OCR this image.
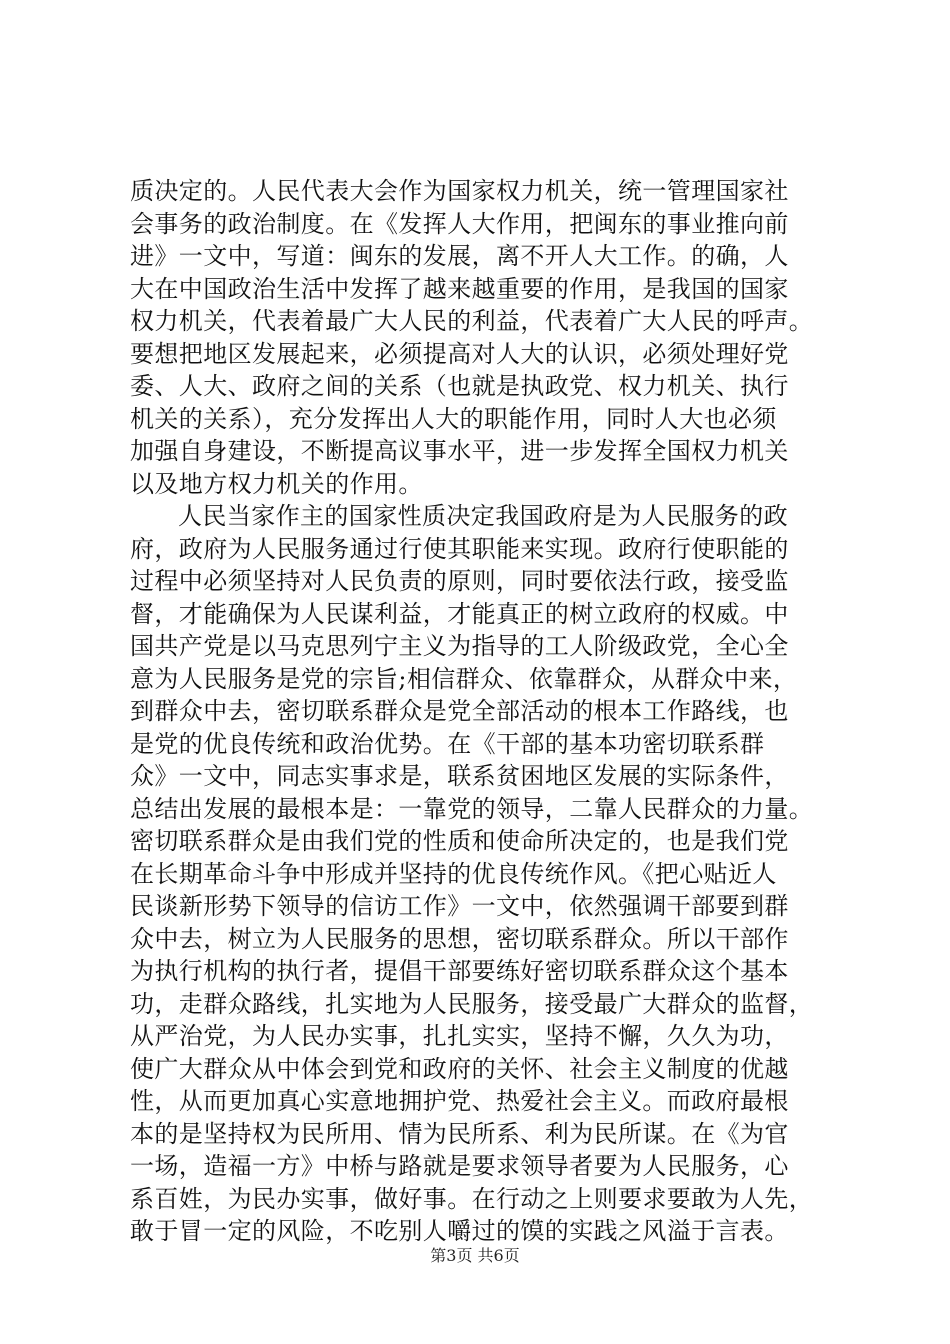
质决定的。人民代表大会作为国家权力机关，统一管理国家社
会事务的政治制度。在《发挥人大作用，把闽东的事业推向前
进》一文中，写道：闽东的发展，离不开人大工作。的确，人
大在中国政治生活中发挥了越来越重要的作用，是我国的国家
权力机关，代表着最广大人民的利益，代表着广大人民的呼声。
要想把地区发展起来，必须提高对人大的认识，必须处理好党
委、人大、政府之间的关系（也就是执政党、权力机关、执行
机关的关系），充分发挥出人大的职能作用，同时人大也必须
加强自身建设，不断提高议事水平，进一步发挥全国权力机关
以及地方权力机关的作用。
人民当家作主的国家性质决定我国政府是为人民服务的政
府，政府为人民服务通过行使其职能来实现。政府行使职能的
过程中必须坚持对人民负责的原则，同时要依法行政，接受监
督，才能确保为人民谋利益，才能真正的树立政府的权威。中
国共产党是以马克思列宁主义为指导的工人阶级政党，全心全
意为人民服务是党的宗旨;相信群众、依靠群众，从群众中来，
到群众中去，密切联系群众是党全部活动的根本工作路线，也
是党的优良传统和政治优势。在《干部的基本功密切联系群
众》一文中，同志实事求是，联系贫困地区发展的实际条件，
总结出发展的最根本是：一靠党的领导，二靠人民群众的力量。
密切联系群众是由我们党的性质和使命所决定的，也是我们党
在长期革命斗争中形成并坚持的优良传统作风。《把心贴近人
民谈新形势下领导的信访工作》一文中，依然强调干部要到群
众中去，树立为人民服务的思想，密切联系群众。所以干部作
为执行机构的执行者，提倡干部要练好密切联系群众这个基本
功，走群众路线，扎实地为人民服务，接受最广大群众的监督，
从严治党，为人民办实事，扎扎实实，坚持不懈，久久为功，
使广大群众从中体会到党和政府的关怀、社会主义制度的优越
性，从而更加真心实意地拥护党、热爱社会主义。而政府最根
本的是坚持权为民所用、情为民所系、利为民所谋。在《为官
一场，造福一方》中桥与路就是要求领导者要为人民服务，心
系百姓，为民办实事，做好事。在行动之上则要求要敢为人先，
敢于冒一定的风险，不吃别人嚼过的馍的实践之风溢于言表。
第3页 共6页
